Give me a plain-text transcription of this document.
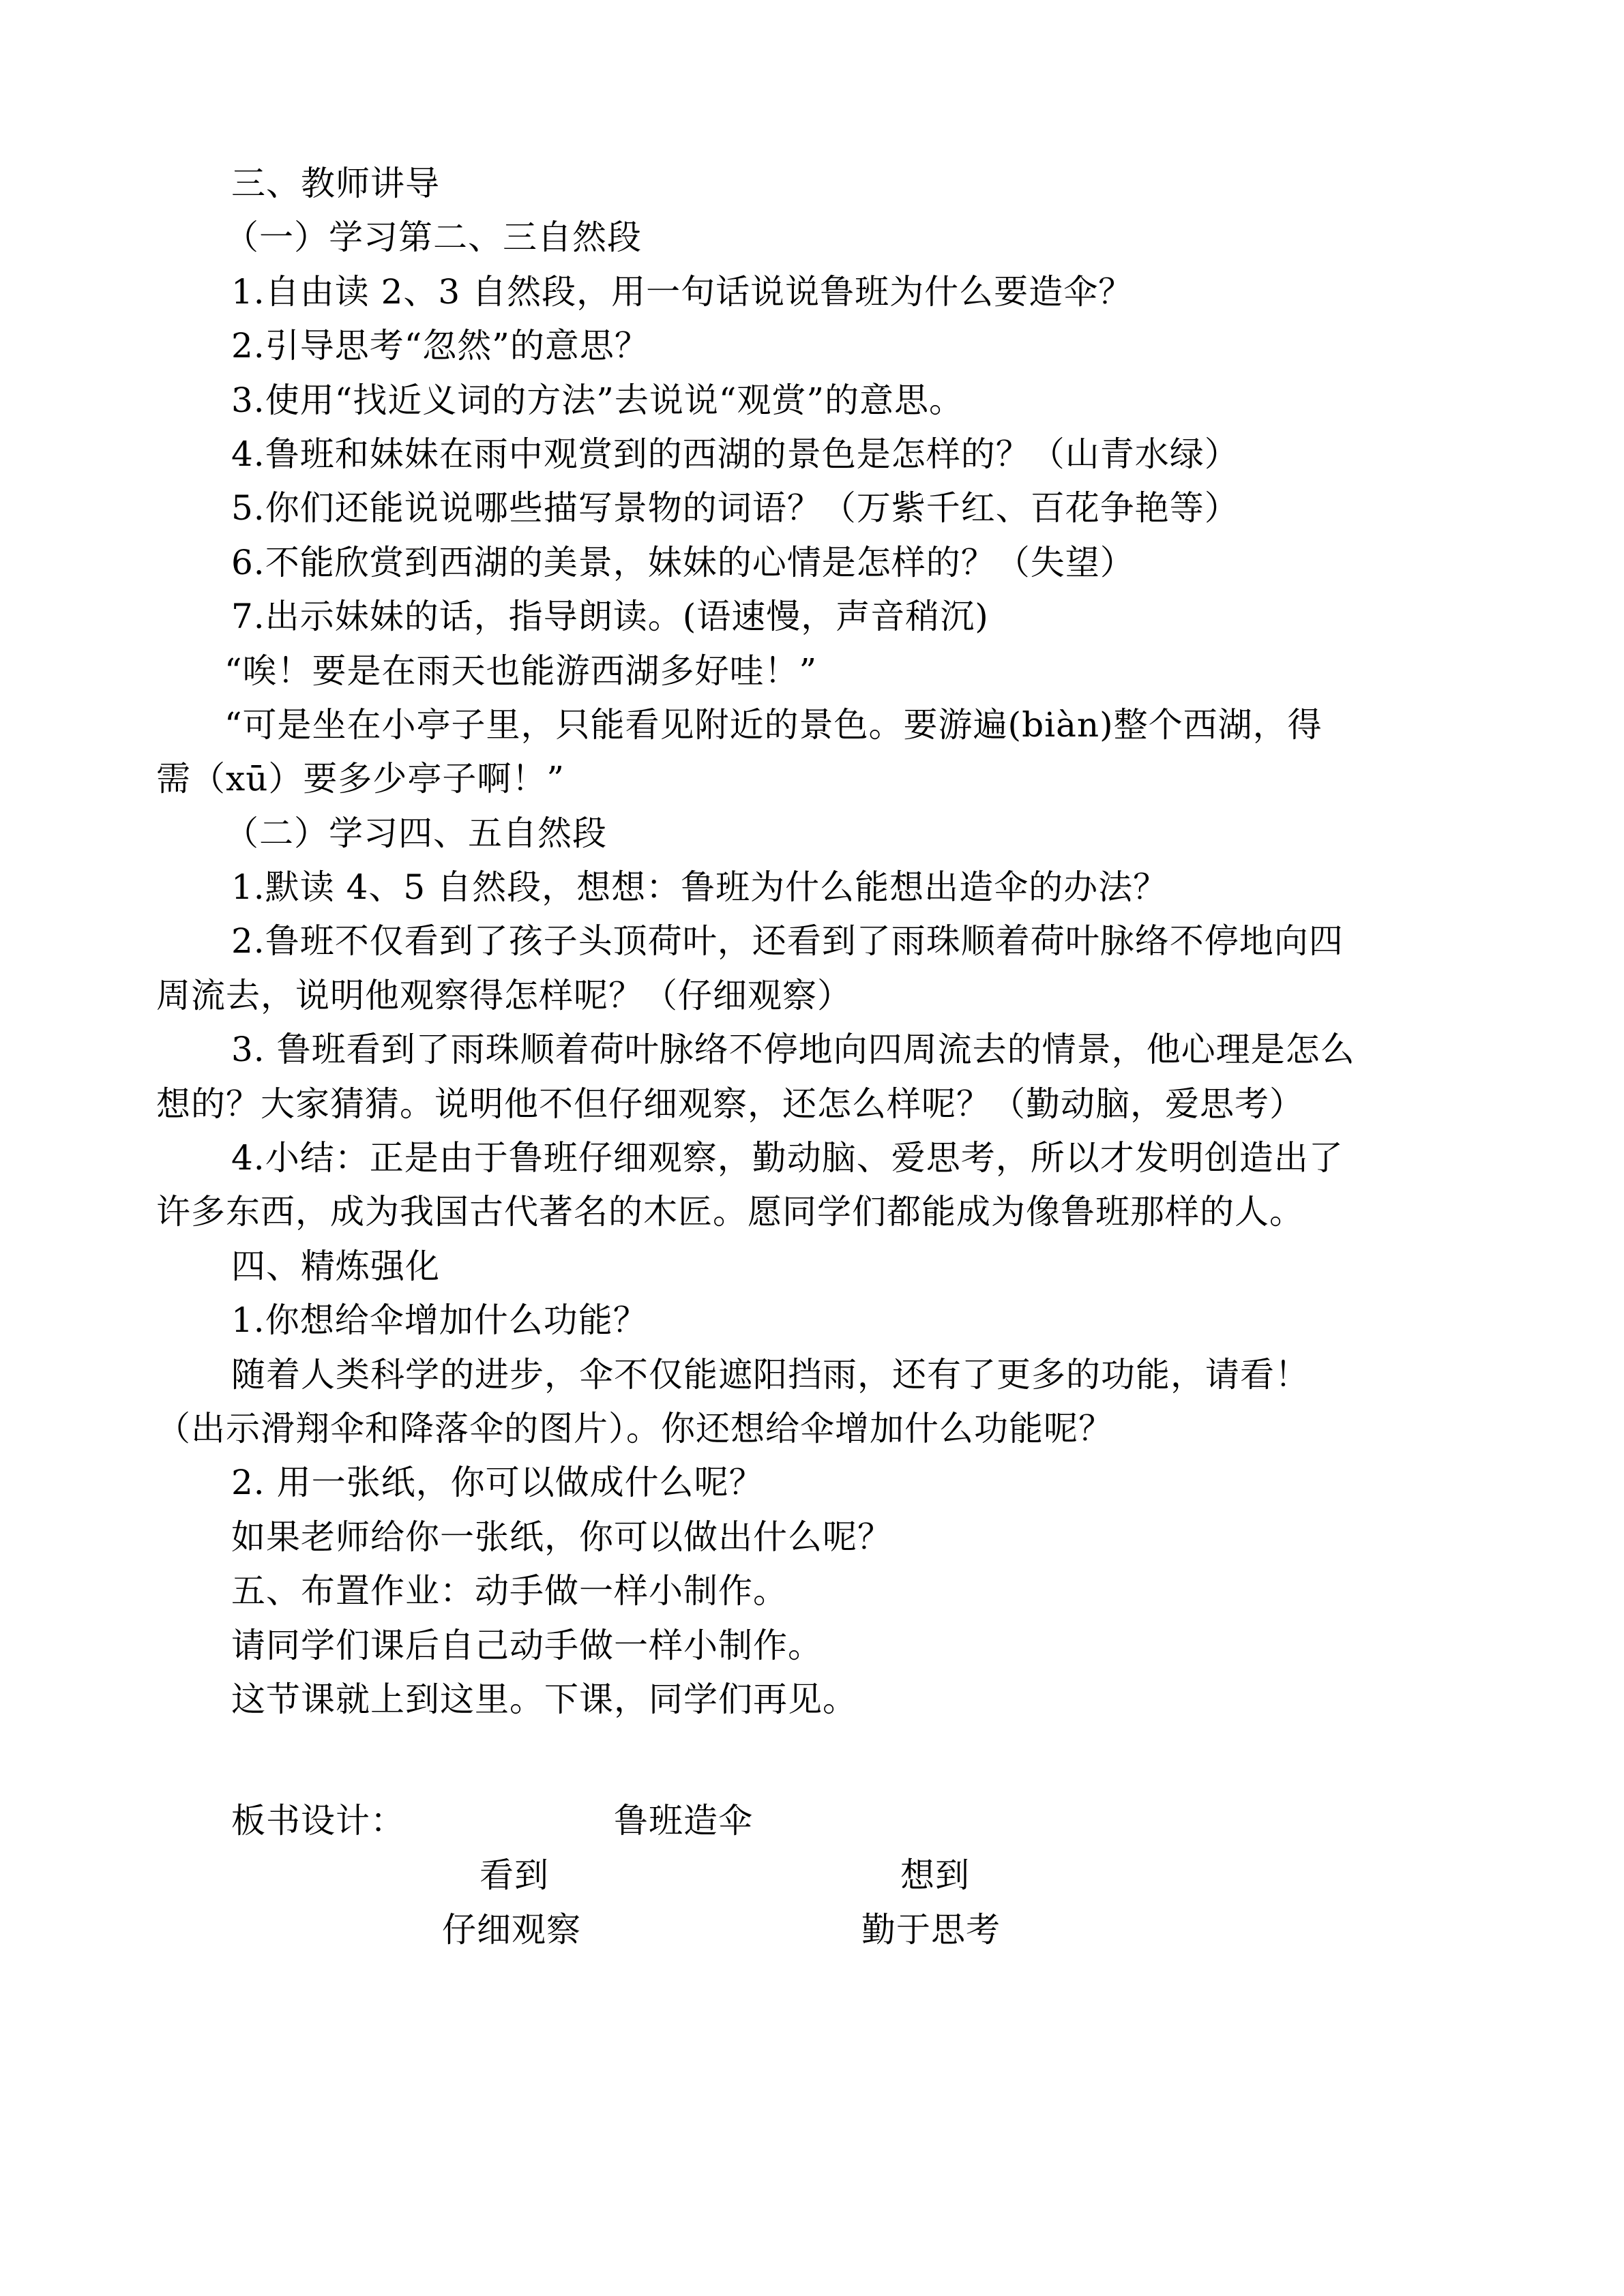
三、教师讲导
（一）学习第二、三自然段
1.自由读 2、3 自然段，用一句话说说鲁班为什么要造伞？
2.引导思考“忽然”的意思？
3.使用“找近义词的方法”去说说“观赏”的意思。
4.鲁班和妹妹在雨中观赏到的西湖的景色是怎样的？（山青水绿）
5.你们还能说说哪些描写景物的词语？（万紫千红、百花争艳等）
6.不能欣赏到西湖的美景，妹妹的心情是怎样的？（失望）
7.出示妹妹的话，指导朗读。(语速慢，声音稍沉)
“唉！要是在雨天也能游西湖多好哇！”
“可是坐在小亭子里，只能看见附近的景色。要游遍(biàn)整个西湖，得
需（xū）要多少亭子啊！”
（二）学习四、五自然段
1.默读 4、5 自然段，想想：鲁班为什么能想出造伞的办法？
2.鲁班不仅看到了孩子头顶荷叶，还看到了雨珠顺着荷叶脉络不停地向四
周流去，说明他观察得怎样呢？（仔细观察）
3. 鲁班看到了雨珠顺着荷叶脉络不停地向四周流去的情景，他心理是怎么
想的？大家猜猜。说明他不但仔细观察，还怎么样呢？（勤动脑，爱思考）
4.小结：正是由于鲁班仔细观察，勤动脑、爱思考，所以才发明创造出了
许多东西，成为我国古代著名的木匠。愿同学们都能成为像鲁班那样的人。
四、精炼强化
1.你想给伞增加什么功能？
随着人类科学的进步，伞不仅能遮阳挡雨，还有了更多的功能，请看！
（出示滑翔伞和降落伞的图片）。你还想给伞增加什么功能呢？
2. 用一张纸，你可以做成什么呢？
如果老师给你一张纸，你可以做出什么呢？
五、布置作业：动手做一样小制作。
请同学们课后自己动手做一样小制作。
这节课就上到这里。下课，同学们再见。
板书设计：	鲁班造伞
看到	想到
仔细观察	勤于思考
